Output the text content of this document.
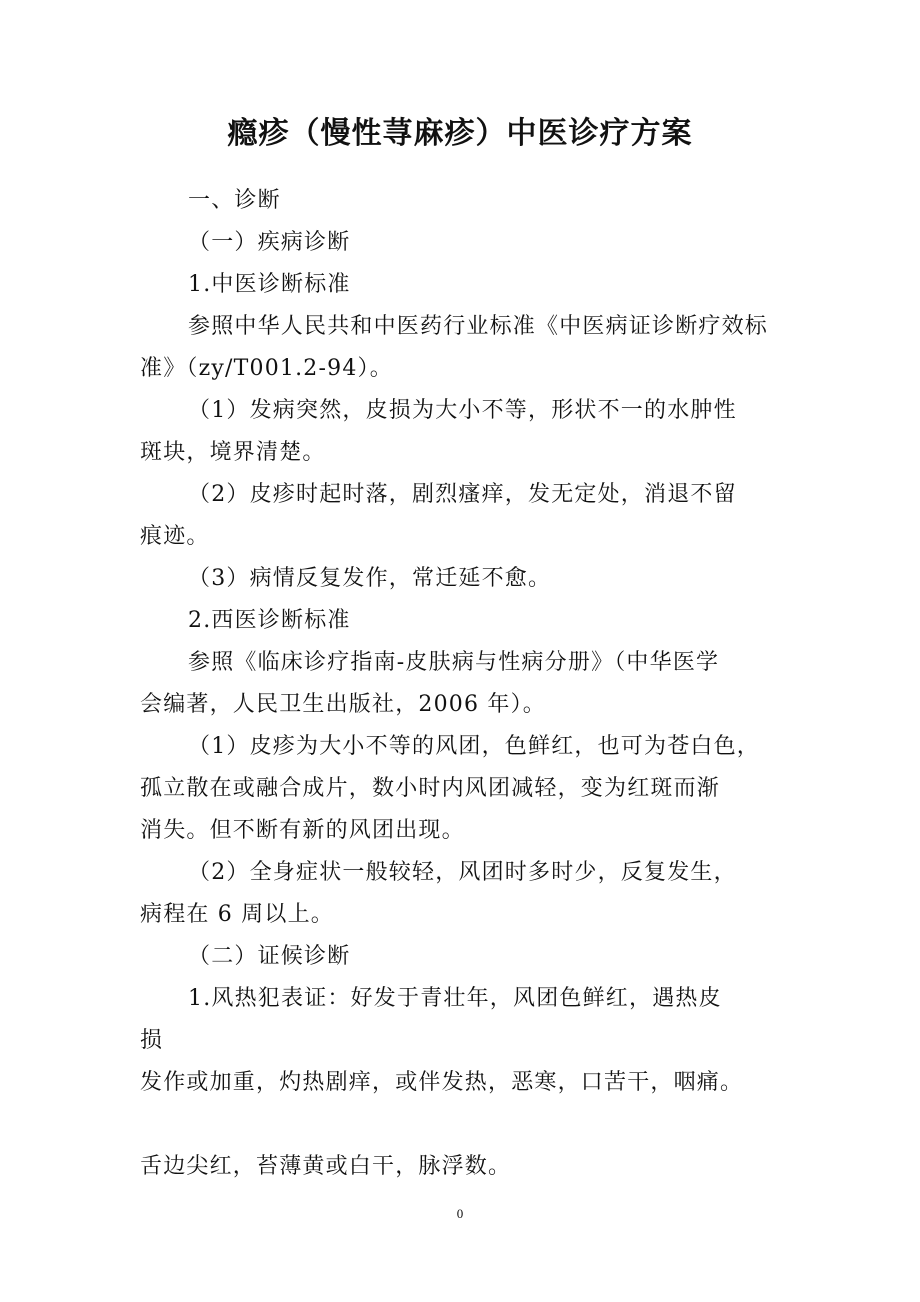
瘾疹（慢性荨麻疹）中医诊疗方案
一、诊断
（一）疾病诊断
1.中医诊断标准
参照中华人民共和中医药行业标准《中医病证诊断疗效标
准》（zy/T001.2-94）。
（1）发病突然，皮损为大小不等，形状不一的水肿性
斑块，境界清楚。
（2）皮疹时起时落，剧烈瘙痒，发无定处，消退不留
痕迹。
（3）病情反复发作，常迁延不愈。
2.西医诊断标准
参照《临床诊疗指南-皮肤病与性病分册》（中华医学
会编著，人民卫生出版社，2006 年）。
（1）皮疹为大小不等的风团，色鲜红，也可为苍白色，
孤立散在或融合成片，数小时内风团减轻，变为红斑而渐
消失。但不断有新的风团出现。
（2）全身症状一般较轻，风团时多时少，反复发生，
病程在 6 周以上。
（二）证候诊断
1.风热犯表证：好发于青壮年，风团色鲜红，遇热皮
损
发作或加重，灼热剧痒，或伴发热，恶寒，口苦干，咽痛。
舌边尖红，苔薄黄或白干，脉浮数。
0
